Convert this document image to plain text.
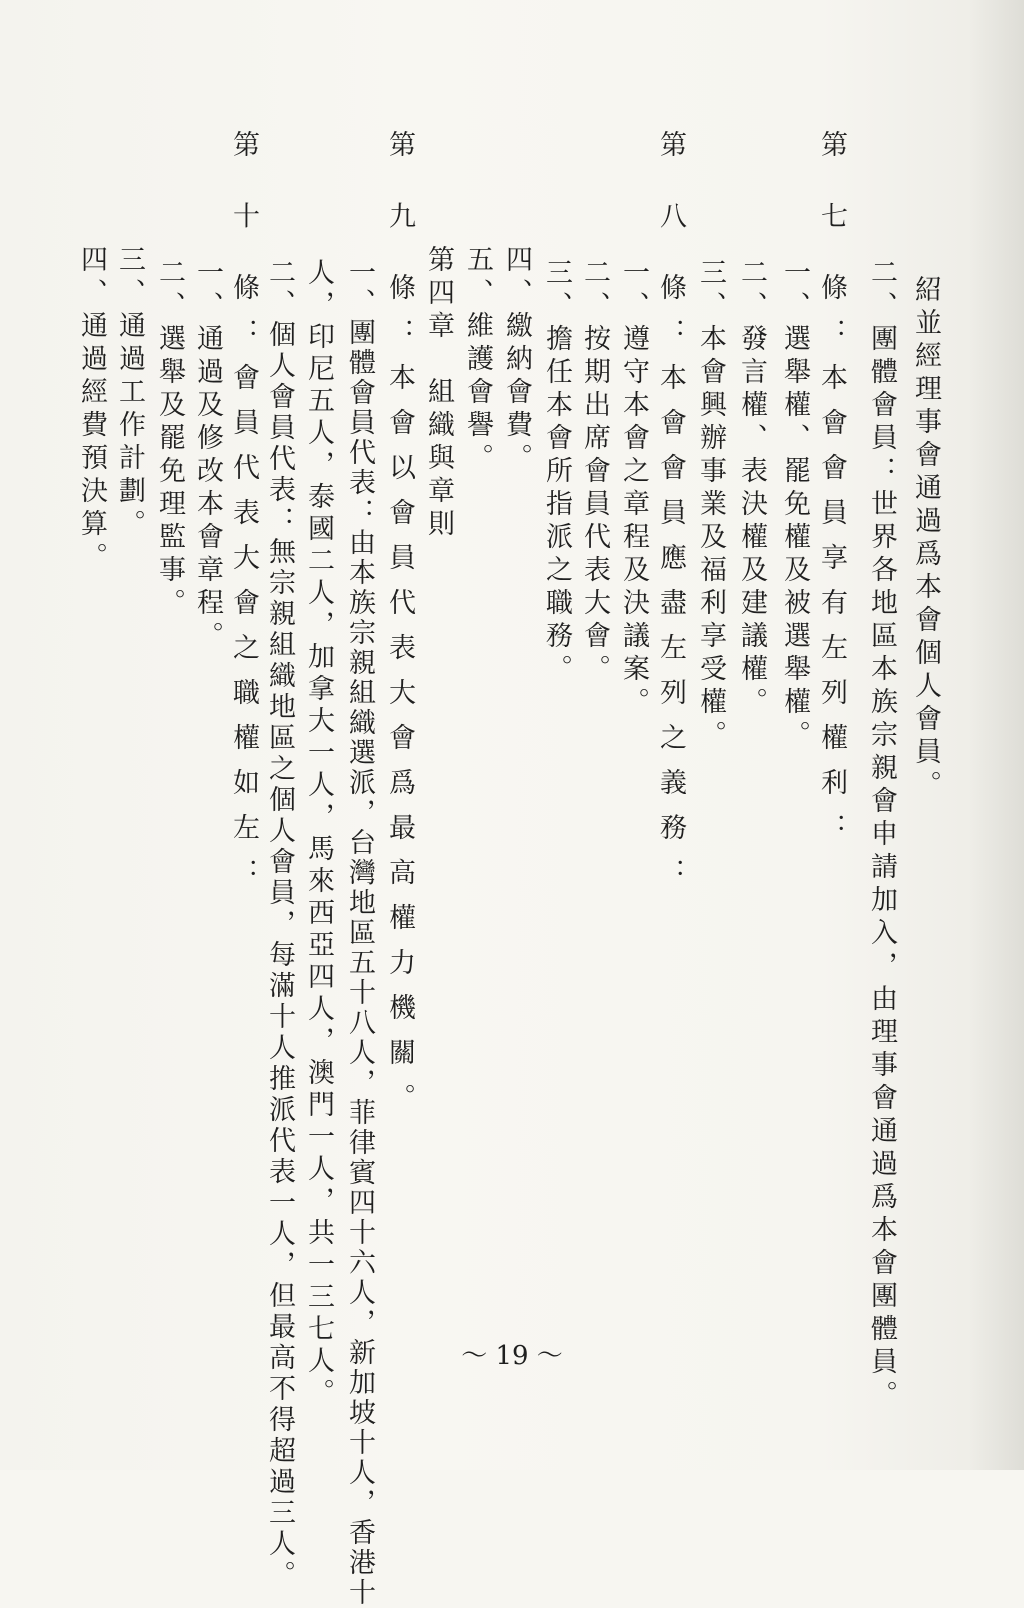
紹並經理事會通過爲本會個人會員。
二、團體會員：世界各地區本族宗親會申請加入，由理事會通過爲本會團體員。
第 七 條：本會會員享有左列權利：
一、選舉權、罷免權及被選舉權。
二、發言權、表決權及建議權。
三、本會興辦事業及福利享受權。
第 八 條：本會會員應盡左列之義務：
一、遵守本會之章程及決議案。
二、按期出席會員代表大會。
三、擔任本會所指派之職務。
四、繳納會費。
五、維護會譽。
第四章　組織與章則
第 九 條：本會以會員代表大會爲最高權力機關。
一、團體會員代表：由本族宗親組織選派，台灣地區五十八人，菲律賓四十六人，新加坡十人，香港十
人，印尼五人，泰國二人，加拿大一人，馬來西亞四人，澳門一人，共一三七人。
二、個人會員代表：無宗親組織地區之個人會員，每滿十人推派代表一人，但最高不得超過三人。
第 十 條：會員代表大會之職權如左：
一、通過及修改本會章程。
二、選舉及罷免理監事。
三、通過工作計劃。
四、通過經費預決算。
～ 19 ～
